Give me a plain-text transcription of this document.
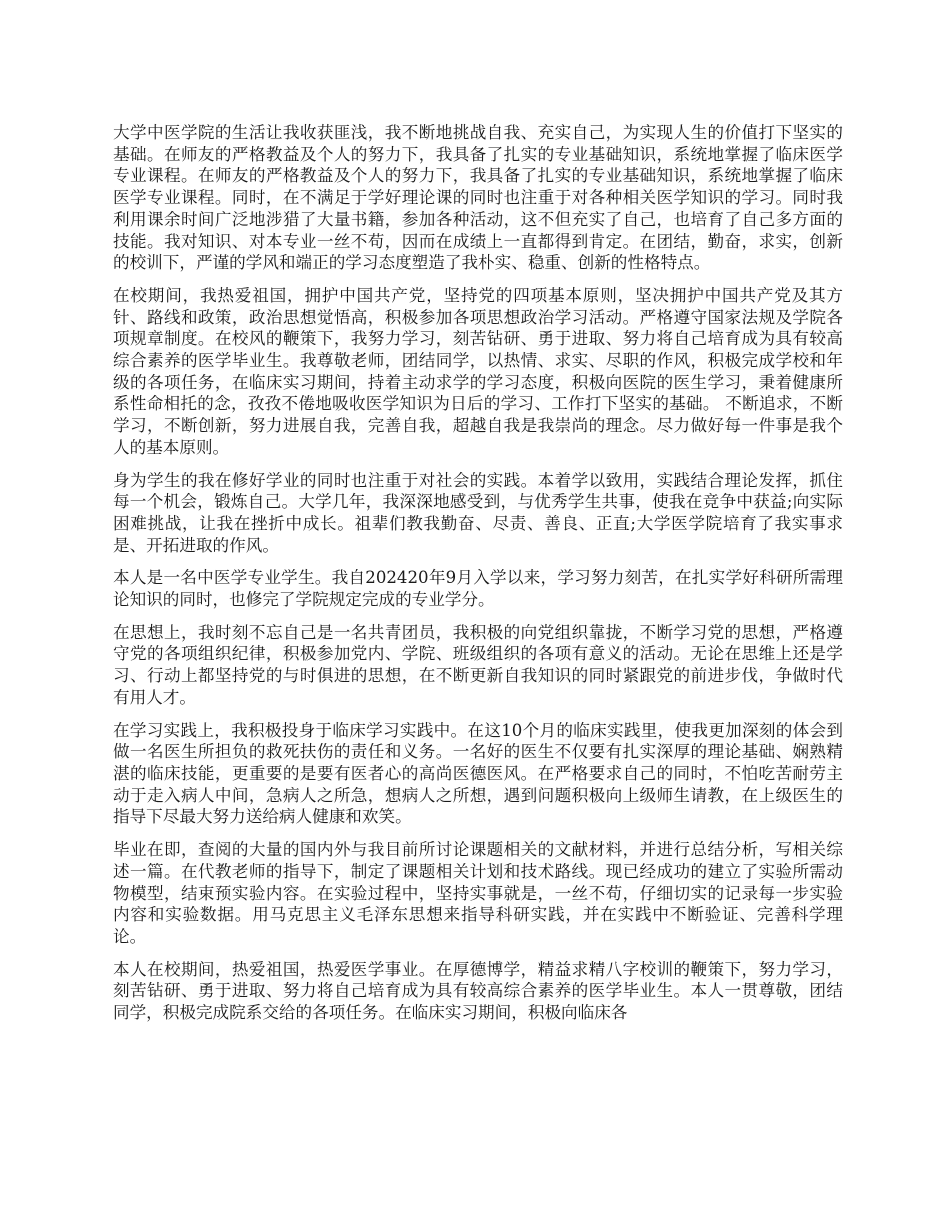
大学中医学院的生活让我收获匪浅，我不断地挑战自我、充实自己，为实现人生的价值打下坚实的基础。在师友的严格教益及个人的努力下，我具备了扎实的专业基础知识，系统地掌握了临床医学专业课程。在师友的严格教益及个人的努力下，我具备了扎实的专业基础知识，系统地掌握了临床医学专业课程。同时，在不满足于学好理论课的同时也注重于对各种相关医学知识的学习。同时我利用课余时间广泛地涉猎了大量书籍，参加各种活动，这不但充实了自己，也培育了自己多方面的技能。我对知识、对本专业一丝不苟，因而在成绩上一直都得到肯定。在团结，勤奋，求实，创新的校训下，严谨的学风和端正的学习态度塑造了我朴实、稳重、创新的性格特点。

在校期间，我热爱祖国，拥护中国共产党，坚持党的四项基本原则，坚决拥护中国共产党及其方针、路线和政策，政治思想觉悟高，积极参加各项思想政治学习活动。严格遵守国家法规及学院各项规章制度。在校风的鞭策下，我努力学习，刻苦钻研、勇于进取、努力将自己培育成为具有较高综合素养的医学毕业生。我尊敬老师，团结同学，以热情、求实、尽职的作风，积极完成学校和年级的各项任务，在临床实习期间，持着主动求学的学习态度，积极向医院的医生学习，秉着健康所系性命相托的念，孜孜不倦地吸收医学知识为日后的学习、工作打下坚实的基础。 不断追求，不断学习，不断创新，努力进展自我，完善自我，超越自我是我崇尚的理念。尽力做好每一件事是我个人的基本原则。

身为学生的我在修好学业的同时也注重于对社会的实践。本着学以致用，实践结合理论发挥，抓住每一个机会，锻炼自己。大学几年，我深深地感受到，与优秀学生共事，使我在竞争中获益;向实际困难挑战，让我在挫折中成长。祖辈们教我勤奋、尽责、善良、正直;大学医学院培育了我实事求是、开拓进取的作风。

本人是一名中医学专业学生。我自202420年9月入学以来，学习努力刻苦，在扎实学好科研所需理论知识的同时，也修完了学院规定完成的专业学分。

在思想上，我时刻不忘自己是一名共青团员，我积极的向党组织靠拢，不断学习党的思想，严格遵守党的各项组织纪律，积极参加党内、学院、班级组织的各项有意义的活动。无论在思维上还是学习、行动上都坚持党的与时俱进的思想，在不断更新自我知识的同时紧跟党的前进步伐，争做时代有用人才。

在学习实践上，我积极投身于临床学习实践中。在这10个月的临床实践里，使我更加深刻的体会到做一名医生所担负的救死扶伤的责任和义务。一名好的医生不仅要有扎实深厚的理论基础、娴熟精湛的临床技能，更重要的是要有医者心的高尚医德医风。在严格要求自己的同时，不怕吃苦耐劳主动于走入病人中间，急病人之所急，想病人之所想，遇到问题积极向上级师生请教，在上级医生的指导下尽最大努力送给病人健康和欢笑。

毕业在即，查阅的大量的国内外与我目前所讨论课题相关的文献材料，并进行总结分析，写相关综述一篇。在代教老师的指导下，制定了课题相关计划和技术路线。现已经成功的建立了实验所需动物模型，结束预实验内容。在实验过程中，坚持实事就是，一丝不苟，仔细切实的记录每一步实验内容和实验数据。用马克思主义毛泽东思想来指导科研实践，并在实践中不断验证、完善科学理论。

本人在校期间，热爱祖国，热爱医学事业。在厚德博学，精益求精八字校训的鞭策下，努力学习，刻苦钻研、勇于进取、努力将自己培育成为具有较高综合素养的医学毕业生。本人一贯尊敬，团结同学，积极完成院系交给的各项任务。在临床实习期间，积极向临床各
